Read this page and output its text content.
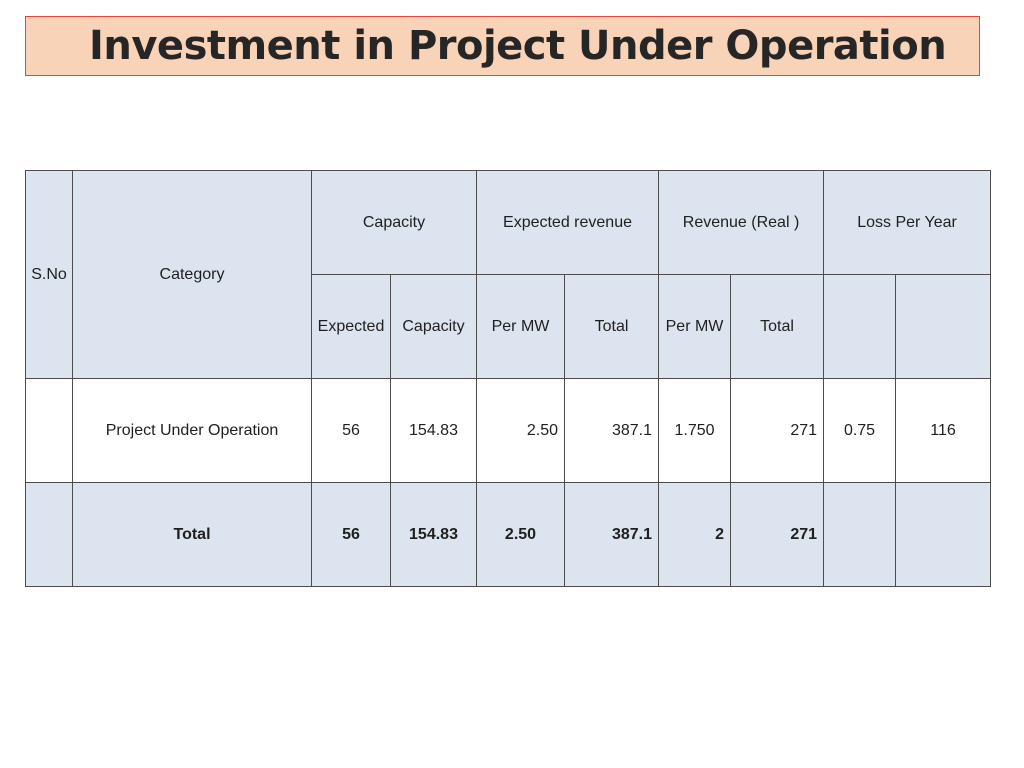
Investment in Project Under Operation
S.No	Category	Capacity		Expected revenue		Revenue (Real )		Loss Per Year	
		Expected	Capacity	Per MW	Total	Per MW	Total		
	Project Under Operation	56	154.83	2.50	387.1	1.750	271	0.75	116
	Total	56	154.83	2.50	387.1	2	271		
